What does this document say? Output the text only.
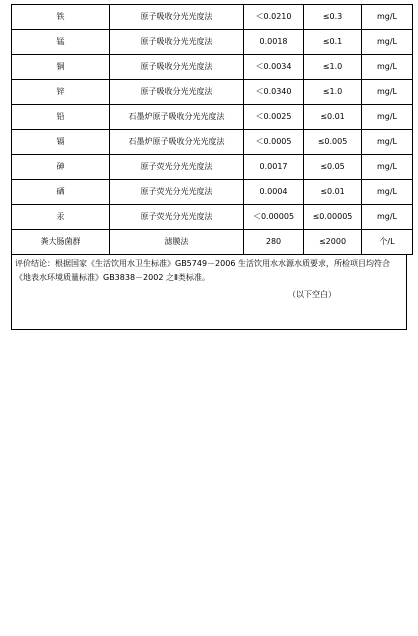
铁	原子吸收分光光度法	＜0.0210	≤0.3	mg/L
锰	原子吸收分光光度法	0.0018	≤0.1	mg/L
铜	原子吸收分光光度法	＜0.0034	≤1.0	mg/L
锌	原子吸收分光光度法	＜0.0340	≤1.0	mg/L
铅	石墨炉原子吸收分光光度法	＜0.0025	≤0.01	mg/L
镉	石墨炉原子吸收分光光度法	＜0.0005	≤0.005	mg/L
砷	原子荧光分光光度法	0.0017	≤0.05	mg/L
硒	原子荧光分光光度法	0.0004	≤0.01	mg/L
汞	原子荧光分光光度法	＜0.00005	≤0.00005	mg/L
粪大肠菌群	滤膜法	280	≤2000	个/L
评价结论：根据国家《生活饮用水卫生标准》GB5749－2006 生活饮用水水源水质要求，所检项目均符合《地表水环境质量标准》GB3838－2002 之Ⅱ类标准。
（以下空白）
